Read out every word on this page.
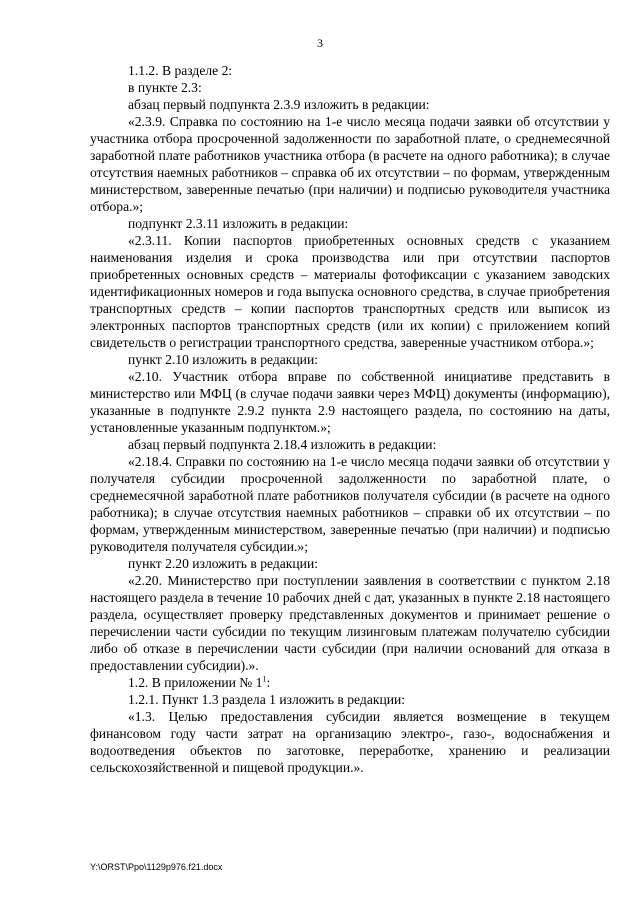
3

1.1.2. В разделе 2:

в пункте 2.3:

абзац первый подпункта 2.3.9 изложить в редакции:

«2.3.9. Справка по состоянию на 1-е число месяца подачи заявки об отсутствии у участника отбора просроченной задолженности по заработной плате, о среднемесячной заработной плате работников участника отбора (в расчете на одного работника); в случае отсутствия наемных работников – справка об их отсутствии – по формам, утвержденным министерством, заверенные печатью (при наличии) и подписью руководителя участника отбора.»;

подпункт 2.3.11 изложить в редакции:

«2.3.11. Копии паспортов приобретенных основных средств с указанием наименования изделия и срока производства или при отсутствии паспортов приобретенных основных средств – материалы фотофиксации с указанием заводских идентификационных номеров и года выпуска основного средства, в случае приобретения транспортных средств – копии паспортов транспортных средств или выписок из электронных паспортов транспортных средств (или их копии) с приложением копий свидетельств о регистрации транспортного средства, заверенные участником отбора.»;

пункт 2.10 изложить в редакции:

«2.10. Участник отбора вправе по собственной инициативе представить в министерство или МФЦ (в случае подачи заявки через МФЦ) документы (информацию), указанные в подпункте 2.9.2 пункта 2.9 настоящего раздела, по состоянию на даты, установленные указанным подпунктом.»;

абзац первый подпункта 2.18.4 изложить в редакции:

«2.18.4. Справки по состоянию на 1-е число месяца подачи заявки об отсутствии у получателя субсидии просроченной задолженности по заработной плате, о среднемесячной заработной плате работников получателя субсидии (в расчете на одного работника); в случае отсутствия наемных работников – справки об их отсутствии – по формам, утвержденным министерством, заверенные печатью (при наличии) и подписью руководителя получателя субсидии.»;

пункт 2.20 изложить в редакции:

«2.20. Министерство при поступлении заявления в соответствии с пунктом 2.18 настоящего раздела в течение 10 рабочих дней с дат, указанных в пункте 2.18 настоящего раздела, осуществляет проверку представленных документов и принимает решение о перечислении части субсидии по текущим лизинговым платежам получателю субсидии либо об отказе в перечислении части субсидии (при наличии оснований для отказа в предоставлении субсидии).».

1.2. В приложении № $1^1$:

1.2.1. Пункт 1.3 раздела 1 изложить в редакции:

«1.3. Целью предоставления субсидии является возмещение в текущем финансовом году части затрат на организацию электро-, газо-, водоснабжения и водоотведения объектов по заготовке, переработке, хранению и реализации сельскохозяйственной и пищевой продукции.».

Y:\ORST\Ppo\1129p976.f21.docx
